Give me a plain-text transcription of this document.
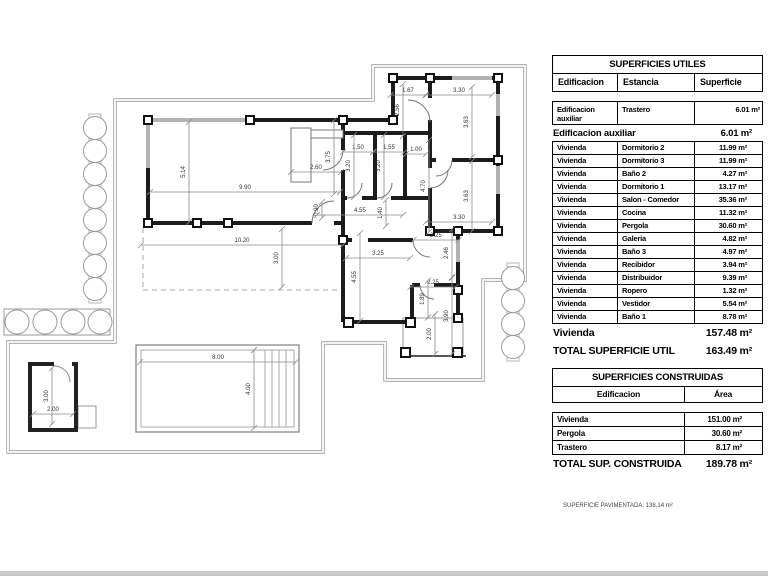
1.67	3.30
2.56
3.63
1.50	1.55	1.00
3.20	3.20
4.70
3.63
3.30
5.14
9.90
2.60
3.75
0.90	4.55 1.40
10.20
3.00	3.25
4.55
2.25
2.46
2.25
1.89
3.90
2.00
8.00
4.00
3.00
2.00
SUPERFICIES UTILES
Edificacion	Estancia	Superficie
Edificacion
auxiliar
Trastero	6.01 m²
Edificacion auxiliar	6.01 m²
Vivienda	Dormitorio 2	11.99 m²
Vivienda	Dormitorio 3	11.99 m²
Vivienda	Baño 2	4.27 m²
Vivienda	Dormitorio 1	13.17 m²
Vivienda	Salon - Comedor	35.36 m²
Vivienda	Cocina	11.32 m²
Vivienda	Pergola	30.60 m²
Vivienda	Galeria	4.82 m²
Vivienda	Baño 3	4.97 m²
Vivienda	Recibidor	3.94 m²
Vivienda	Distribuidor	9.39 m²
Vivienda	Ropero	1.32 m²
Vivienda	Vestidor	5.54 m²
Vivienda	Baño 1	8.78 m²
Vivienda	157.48 m²
TOTAL SUPERFICIE UTIL	163.49 m²
SUPERFICIES CONSTRUIDAS
Edificacion	Área
Vivienda	151.00 m²
Pergola	30.60 m²
Trastero	8.17 m²
TOTAL SUP. CONSTRUIDA 189.78 m²
SUPERFICIE PAVIMENTADA: 138.14 m²
